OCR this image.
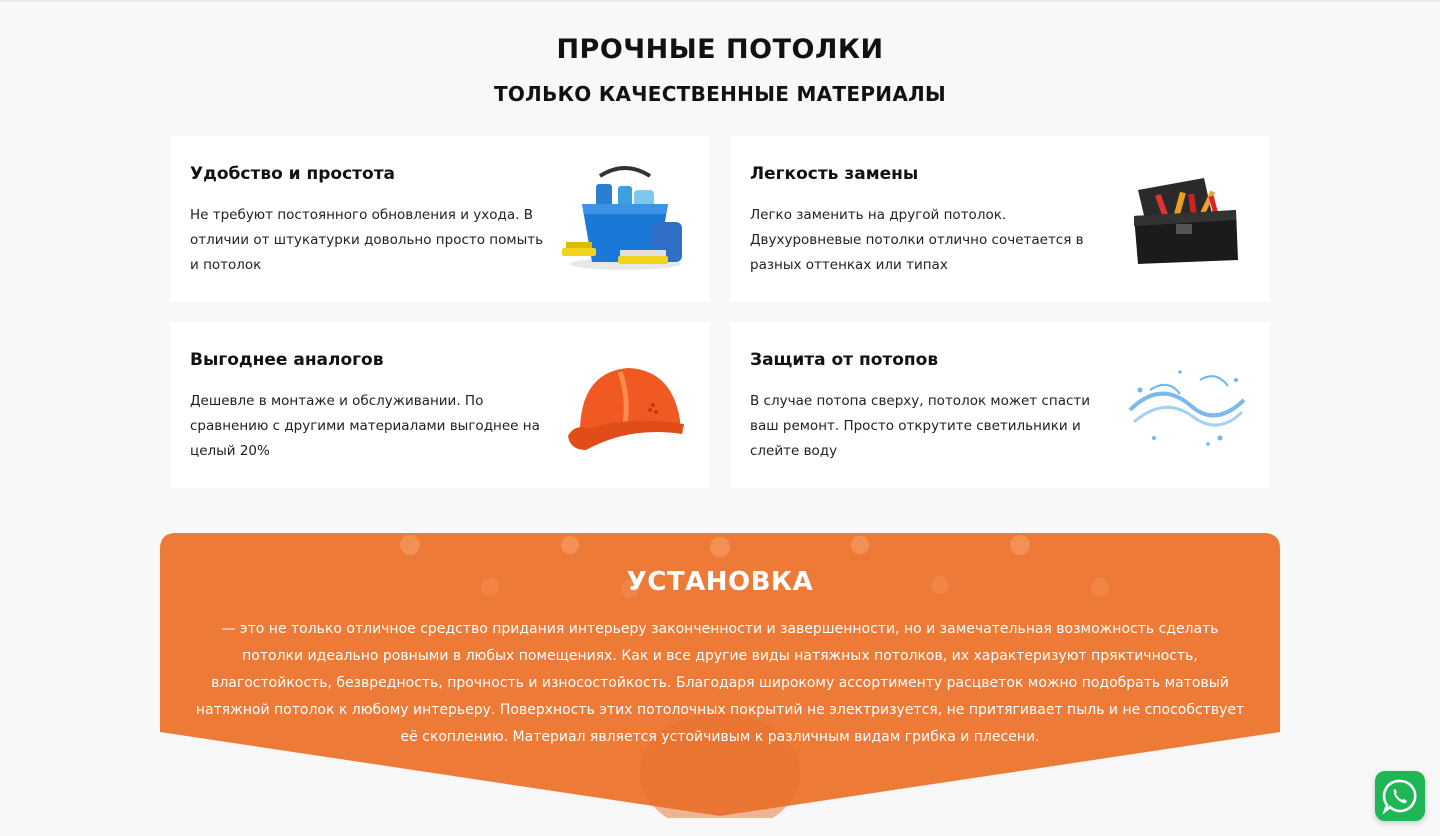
ПРОЧНЫЕ ПОТОЛКИ
ТОЛЬКО КАЧЕСТВЕННЫЕ МАТЕРИАЛЫ
Удобство и простота
Не требуют постоянного обновления и ухода. В отличии от штукатурки довольно просто помыть и потолок
Легкость замены
Легко заменить на другой потолок. Двухуровневые потолки отлично сочетается в разных оттенках или типах
Выгоднее аналогов
Дешевле в монтаже и обслуживании. По сравнению с другими материалами выгоднее на целый 20%
Защита от потопов
В случае потопа сверху, потолок может спасти ваш ремонт. Просто открутите светильники и слейте воду
УСТАНОВКА
— это не только отличное средство придания интерьеру законченности и завершенности, но и замечательная возможность сделать потолки идеально ровными в любых помещениях. Как и все другие виды натяжных потолков, их характеризуют пряктичность, влагостойкость, безвредность, прочность и износостойкость. Благодаря широкому ассортименту расцветок можно подобрать матовый натяжной потолок к любому интерьеру. Поверхность этих потолочных покрытий не электризуется, не притягивает пыль и не способствует её скоплению. Материал является устойчивым к различным видам грибка и плесени.
